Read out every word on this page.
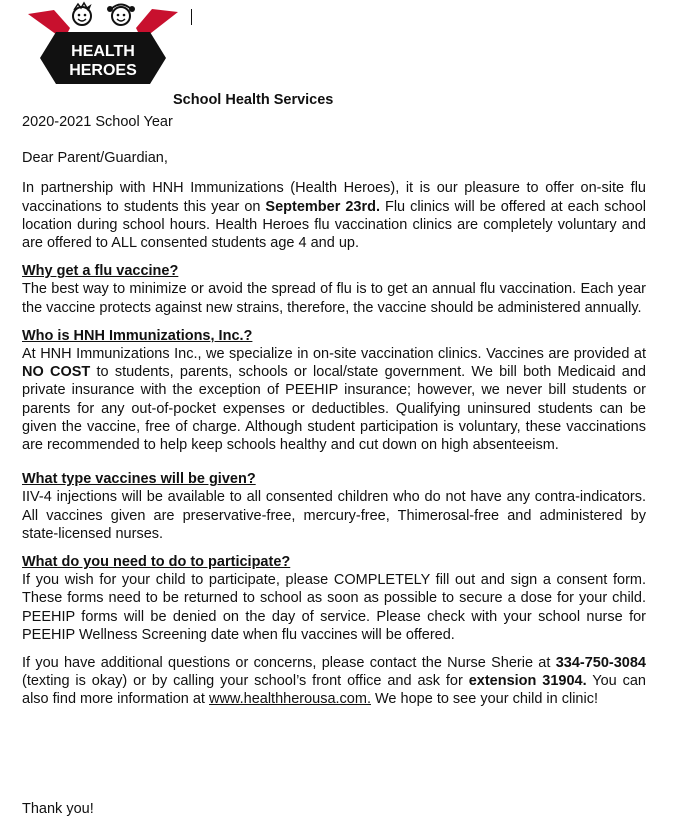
HEALTH
HEROES
School Health Services

2020-2021 School Year

Dear Parent/Guardian,

In partnership with HNH Immunizations (Health Heroes), it is our pleasure to offer on-site flu vaccinations to students this year on September 23rd. Flu clinics will be offered at each school location during school hours. Health Heroes flu vaccination clinics are completely voluntary and are offered to ALL consented students age 4 and up.

Why get a flu vaccine?
The best way to minimize or avoid the spread of flu is to get an annual flu vaccination. Each year the vaccine protects against new strains, therefore, the vaccine should be administered annually.

Who is HNH Immunizations, Inc.?
At HNH Immunizations Inc., we specialize in on-site vaccination clinics. Vaccines are provided at NO COST to students, parents, schools or local/state government. We bill both Medicaid and private insurance with the exception of PEEHIP insurance; however, we never bill students or parents for any out-of-pocket expenses or deductibles. Qualifying uninsured students can be given the vaccine, free of charge. Although student participation is voluntary, these vaccinations are recommended to help keep schools healthy and cut down on high absenteeism.

What type vaccines will be given?
IIV-4 injections will be available to all consented children who do not have any contra-indicators. All vaccines given are preservative-free, mercury-free, Thimerosal-free and administered by state-licensed nurses.

What do you need to do to participate?
If you wish for your child to participate, please COMPLETELY fill out and sign a consent form. These forms need to be returned to school as soon as possible to secure a dose for your child. PEEHIP forms will be denied on the day of service. Please check with your school nurse for PEEHIP Wellness Screening date when flu vaccines will be offered.

If you have additional questions or concerns, please contact the Nurse Sherie at 334-750-3084 (texting is okay) or by calling your school’s front office and ask for extension 31904. You can also find more information at www.healthherousa.com. We hope to see your child in clinic!

Thank you!
